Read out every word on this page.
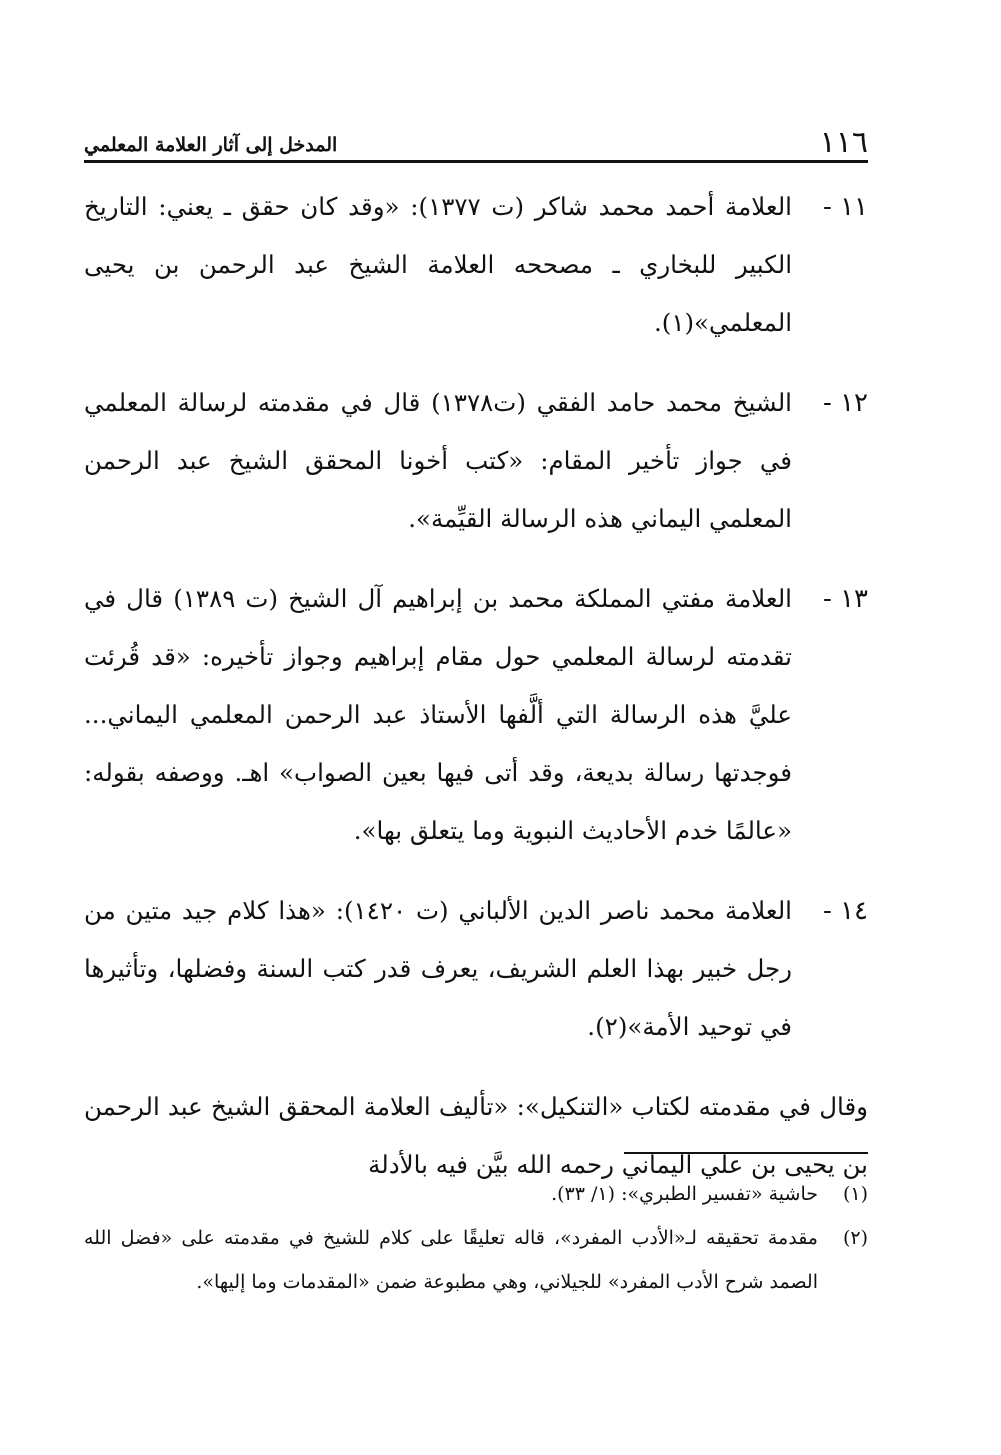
١١٦
المدخل إلى آثار العلامة المعلمي
١١ -
العلامة أحمد محمد شاكر (ت ١٣٧٧): «وقد كان حقق ـ يعني: التاريخ الكبير للبخاري ـ مصححه العلامة الشيخ عبد الرحمن بن يحيى المعلمي»(١).
١٢ -
الشيخ محمد حامد الفقي (ت١٣٧٨) قال في مقدمته لرسالة المعلمي في جواز تأخير المقام: «كتب أخونا المحقق الشيخ عبد الرحمن المعلمي اليماني هذه الرسالة القيِّمة».
١٣ -
العلامة مفتي المملكة محمد بن إبراهيم آل الشيخ (ت ١٣٨٩) قال في تقدمته لرسالة المعلمي حول مقام إبراهيم وجواز تأخيره: «قد قُرئت عليَّ هذه الرسالة التي ألَّفها الأستاذ عبد الرحمن المعلمي اليماني... فوجدتها رسالة بديعة، وقد أتى فيها بعين الصواب» اهـ. ووصفه بقوله: «عالمًا خدم الأحاديث النبوية وما يتعلق بها».
١٤ -
العلامة محمد ناصر الدين الألباني (ت ١٤٢٠): «هذا كلام جيد متين من رجل خبير بهذا العلم الشريف، يعرف قدر كتب السنة وفضلها، وتأثيرها في توحيد الأمة»(٢).
وقال في مقدمته لكتاب «التنكيل»: «تأليف العلامة المحقق الشيخ عبد الرحمن بن يحيى بن علي اليماني رحمه الله بيَّن فيه بالأدلة
(١)
حاشية «تفسير الطبري»: (١/ ٣٣).
(٢)
مقدمة تحقيقه لـ«الأدب المفرد»، قاله تعليقًا على كلام للشيخ في مقدمته على «فضل الله الصمد شرح الأدب المفرد» للجيلاني، وهي مطبوعة ضمن «المقدمات وما إليها».
